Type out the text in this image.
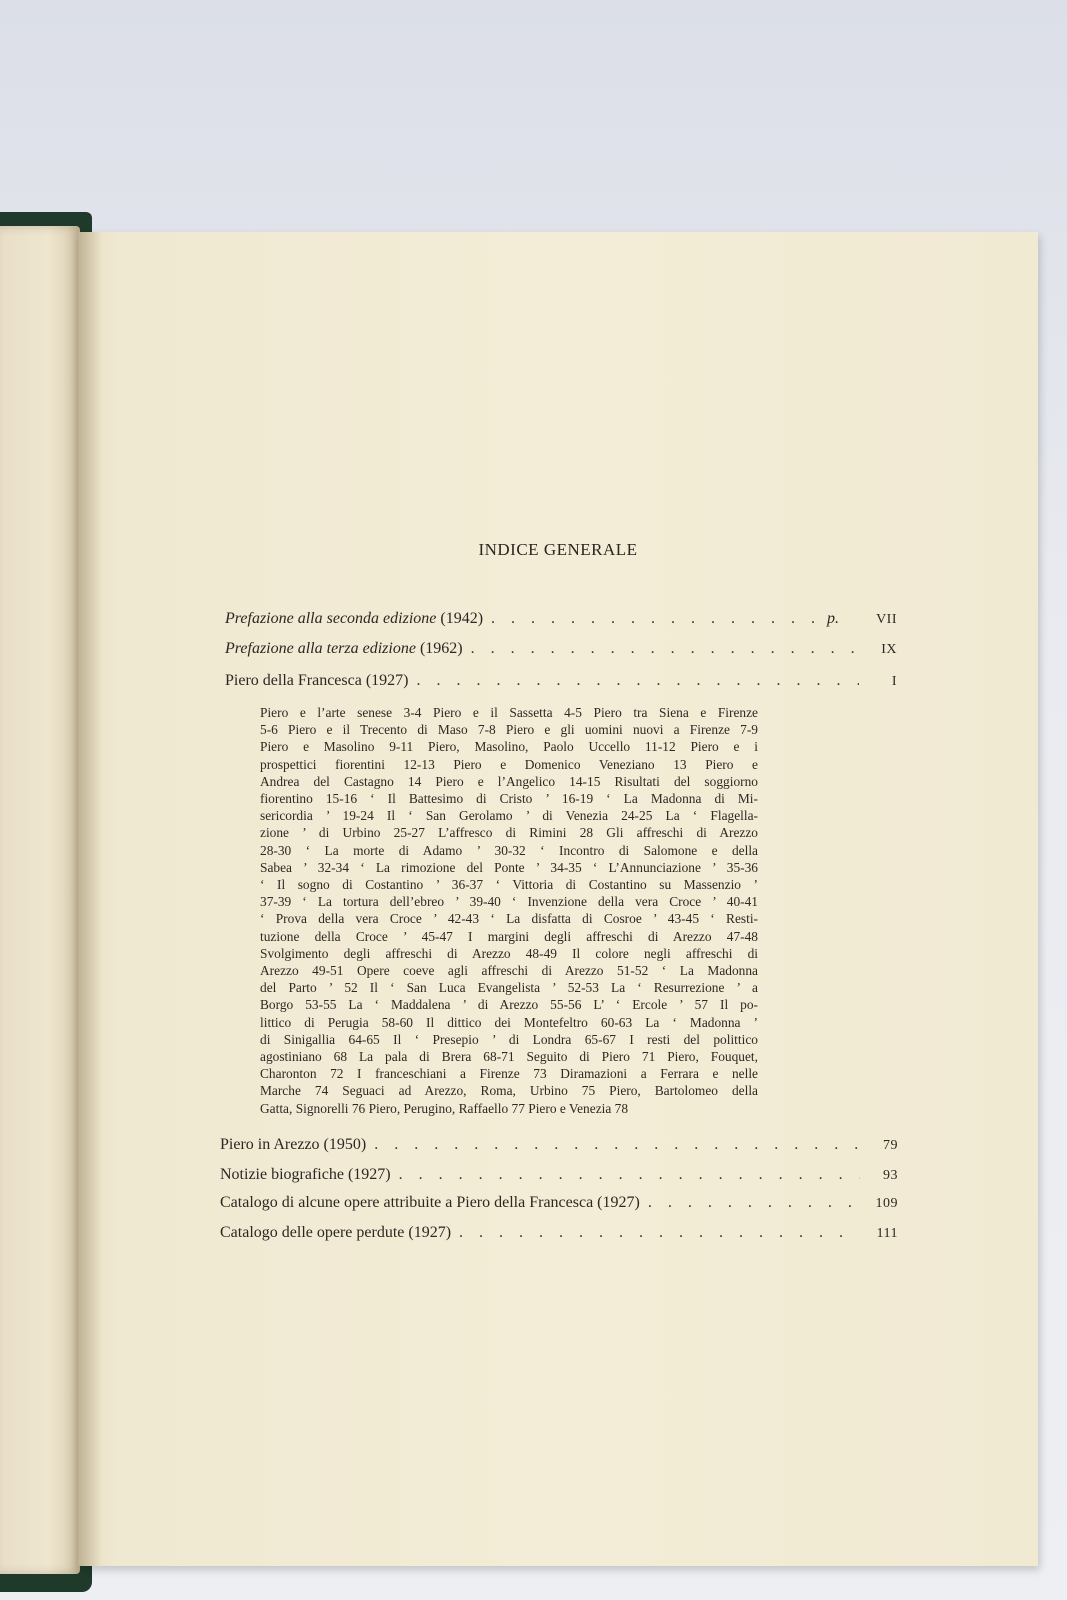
INDICE GENERALE
Prefazione alla seconda edizione (1942) . . .	p.	VII
Prefazione alla terza edizione (1962) . . .	IX
Piero della Francesca (1927) . . .	I
Piero e l’arte senese 3-4 Piero e il Sassetta 4-5 Piero tra Siena e Firenze
5-6 Piero e il Trecento di Maso 7-8 Piero e gli uomini nuovi a Firenze 7-9
Piero e Masolino 9-11 Piero, Masolino, Paolo Uccello 11-12 Piero e i
prospettici fiorentini 12-13 Piero e Domenico Veneziano 13 Piero e
Andrea del Castagno 14 Piero e l’Angelico 14-15 Risultati del soggiorno
fiorentino 15-16 ‘ Il Battesimo di Cristo ’ 16-19 ‘ La Madonna di Mi-
sericordia ’ 19-24 Il ‘ San Gerolamo ’ di Venezia 24-25 La ‘ Flagella-
zione ’ di Urbino 25-27 L’affresco di Rimini 28 Gli affreschi di Arezzo
28-30 ‘ La morte di Adamo ’ 30-32 ‘ Incontro di Salomone e della
Sabea ’ 32-34 ‘ La rimozione del Ponte ’ 34-35 ‘ L’Annunciazione ’ 35-36
‘ Il sogno di Costantino ’ 36-37 ‘ Vittoria di Costantino su Massenzio ’
37-39 ‘ La tortura dell’ebreo ’ 39-40 ‘ Invenzione della vera Croce ’ 40-41
‘ Prova della vera Croce ’ 42-43 ‘ La disfatta di Cosroe ’ 43-45 ‘ Resti-
tuzione della Croce ’ 45-47 I margini degli affreschi di Arezzo 47-48
Svolgimento degli affreschi di Arezzo 48-49 Il colore negli affreschi di
Arezzo 49-51 Opere coeve agli affreschi di Arezzo 51-52 ‘ La Madonna
del Parto ’ 52 Il ‘ San Luca Evangelista ’ 52-53 La ‘ Resurrezione ’ a
Borgo 53-55 La ‘ Maddalena ’ di Arezzo 55-56 L’ ‘ Ercole ’ 57 Il po-
littico di Perugia 58-60 Il dittico dei Montefeltro 60-63 La ‘ Madonna ’
di Sinigallia 64-65 Il ‘ Presepio ’ di Londra 65-67 I resti del polittico
agostiniano 68 La pala di Brera 68-71 Seguito di Piero 71 Piero, Fouquet,
Charonton 72 I franceschiani a Firenze 73 Diramazioni a Ferrara e nelle
Marche 74 Seguaci ad Arezzo, Roma, Urbino 75 Piero, Bartolomeo della
Gatta, Signorelli 76 Piero, Perugino, Raffaello 77 Piero e Venezia 78
Piero in Arezzo (1950) . . .	79
Notizie biografiche (1927) . . .	93
Catalogo di alcune opere attribuite a Piero della Francesca (1927) . . .	109
Catalogo delle opere perdute (1927) . . .	111
